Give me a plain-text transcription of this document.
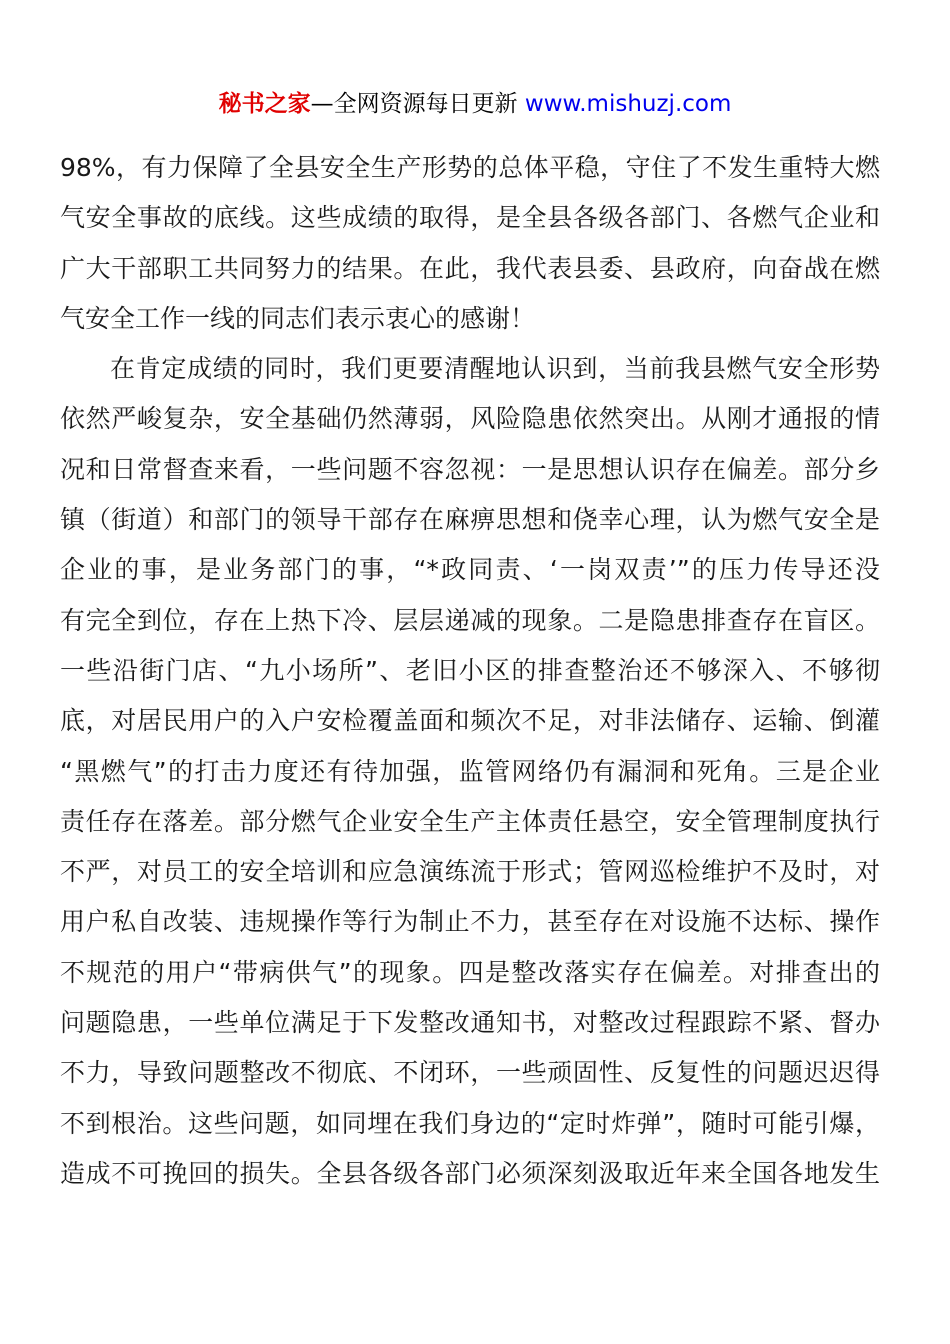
秘书之家—全网资源每日更新 www.mishuzj.com
98%，有力保障了全县安全生产形势的总体平稳，守住了不发生重特大燃
气安全事故的底线。这些成绩的取得，是全县各级各部门、各燃气企业和
广大干部职工共同努力的结果。在此，我代表县委、县政府，向奋战在燃
气安全工作一线的同志们表示衷心的感谢！
在肯定成绩的同时，我们更要清醒地认识到，当前我县燃气安全形势
依然严峻复杂，安全基础仍然薄弱，风险隐患依然突出。从刚才通报的情
况和日常督查来看，一些问题不容忽视：一是思想认识存在偏差。部分乡
镇（街道）和部门的领导干部存在麻痹思想和侥幸心理，认为燃气安全是
企业的事，是业务部门的事，“*政同责、‘一岗双责’”的压力传导还没
有完全到位，存在上热下冷、层层递减的现象。二是隐患排查存在盲区。
一些沿街门店、“九小场所”、老旧小区的排查整治还不够深入、不够彻
底，对居民用户的入户安检覆盖面和频次不足，对非法储存、运输、倒灌
“黑燃气”的打击力度还有待加强，监管网络仍有漏洞和死角。三是企业
责任存在落差。部分燃气企业安全生产主体责任悬空，安全管理制度执行
不严，对员工的安全培训和应急演练流于形式；管网巡检维护不及时，对
用户私自改装、违规操作等行为制止不力，甚至存在对设施不达标、操作
不规范的用户“带病供气”的现象。四是整改落实存在偏差。对排查出的
问题隐患，一些单位满足于下发整改通知书，对整改过程跟踪不紧、督办
不力，导致问题整改不彻底、不闭环，一些顽固性、反复性的问题迟迟得
不到根治。这些问题，如同埋在我们身边的“定时炸弹”，随时可能引爆，
造成不可挽回的损失。全县各级各部门必须深刻汲取近年来全国各地发生
